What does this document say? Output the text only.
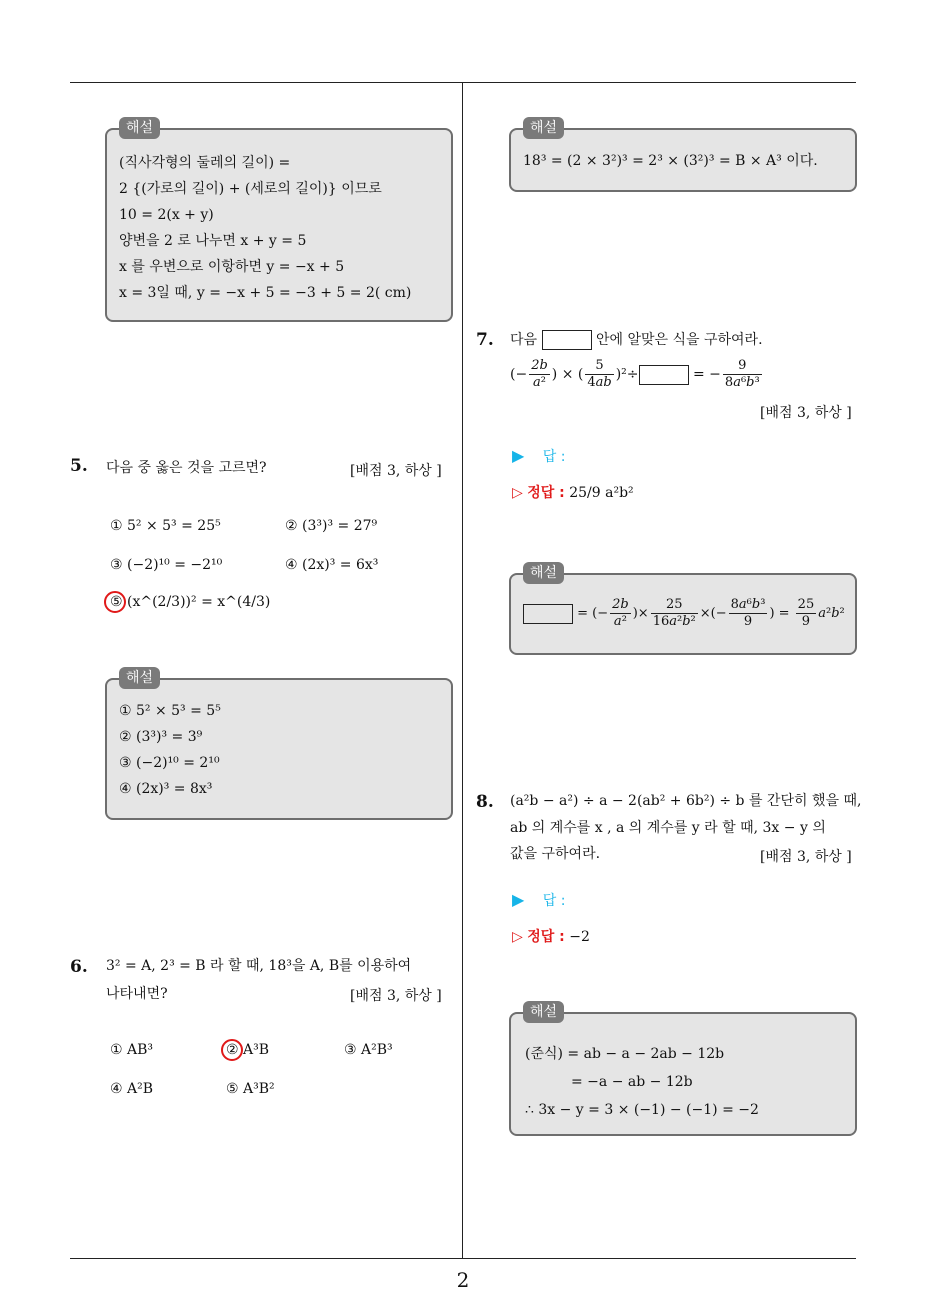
2
해설
(직사각형의 둘레의 길이) =
2 {(가로의 길이) + (세로의 길이)} 이므로
10 = 2(x + y)
양변을 2 로 나누면 x + y = 5
x 를 우변으로 이항하면 y = −x + 5
x = 3일 때, y = −x + 5 = −3 + 5 = 2( cm)
5. 다음 중 옳은 것을 고르면?	[배점 3, 하상 ]
① 5² × 5³ = 25⁵	② (3³)³ = 27⁹
③ (−2)¹⁰ = −2¹⁰	④ (2x)³ = 6x³
⑤ (x^(2/3))² = x^(4/3)
해설
① 5² × 5³ = 5⁵
② (3³)³ = 3⁹
③ (−2)¹⁰ = 2¹⁰
④ (2x)³ = 8x³
6. 3² = A, 2³ = B 라 할 때, 18³을 A, B를 이용하여
나타내면?	[배점 3, 하상 ]
① AB³	② A³B	③ A²B³
④ A²B	⑤ A³B²
해설
18³ = (2 × 3²)³ = 2³ × (3²)³ = B × A³ 이다.
7. 다음	안에 알맞은 식을 구하여라.
(− $\frac{2b}{\text{a²}}$ ) × ( $\frac{5}{4ab} )^2\div$	= − $\frac{9}{\text{8a⁶b³}}$
[배점 3, 하상 ]
▶ 답 :
▷ 정답 : 25/9 a²b²
해설
= (− $\frac{2b}{\text{a²}}$ )× $\frac{25}{\text{16a²b²}}$ ×(− $\frac{\text{8a⁶b³}}{9}$ ) = $\frac{25}{9} a^2b^2$
8. (a²b − a²) ÷ a − 2(ab² + 6b²) ÷ b 를 간단히 했을 때,
ab 의 계수를 x , a 의 계수를 y 라 할 때, 3x − y 의
값을 구하여라.	[배점 3, 하상 ]
▶ 답 :
▷ 정답 : −2
해설
(준식) = ab − a − 2ab − 12b
= −a − ab − 12b
∴ 3x − y = 3 × (−1) − (−1) = −2
